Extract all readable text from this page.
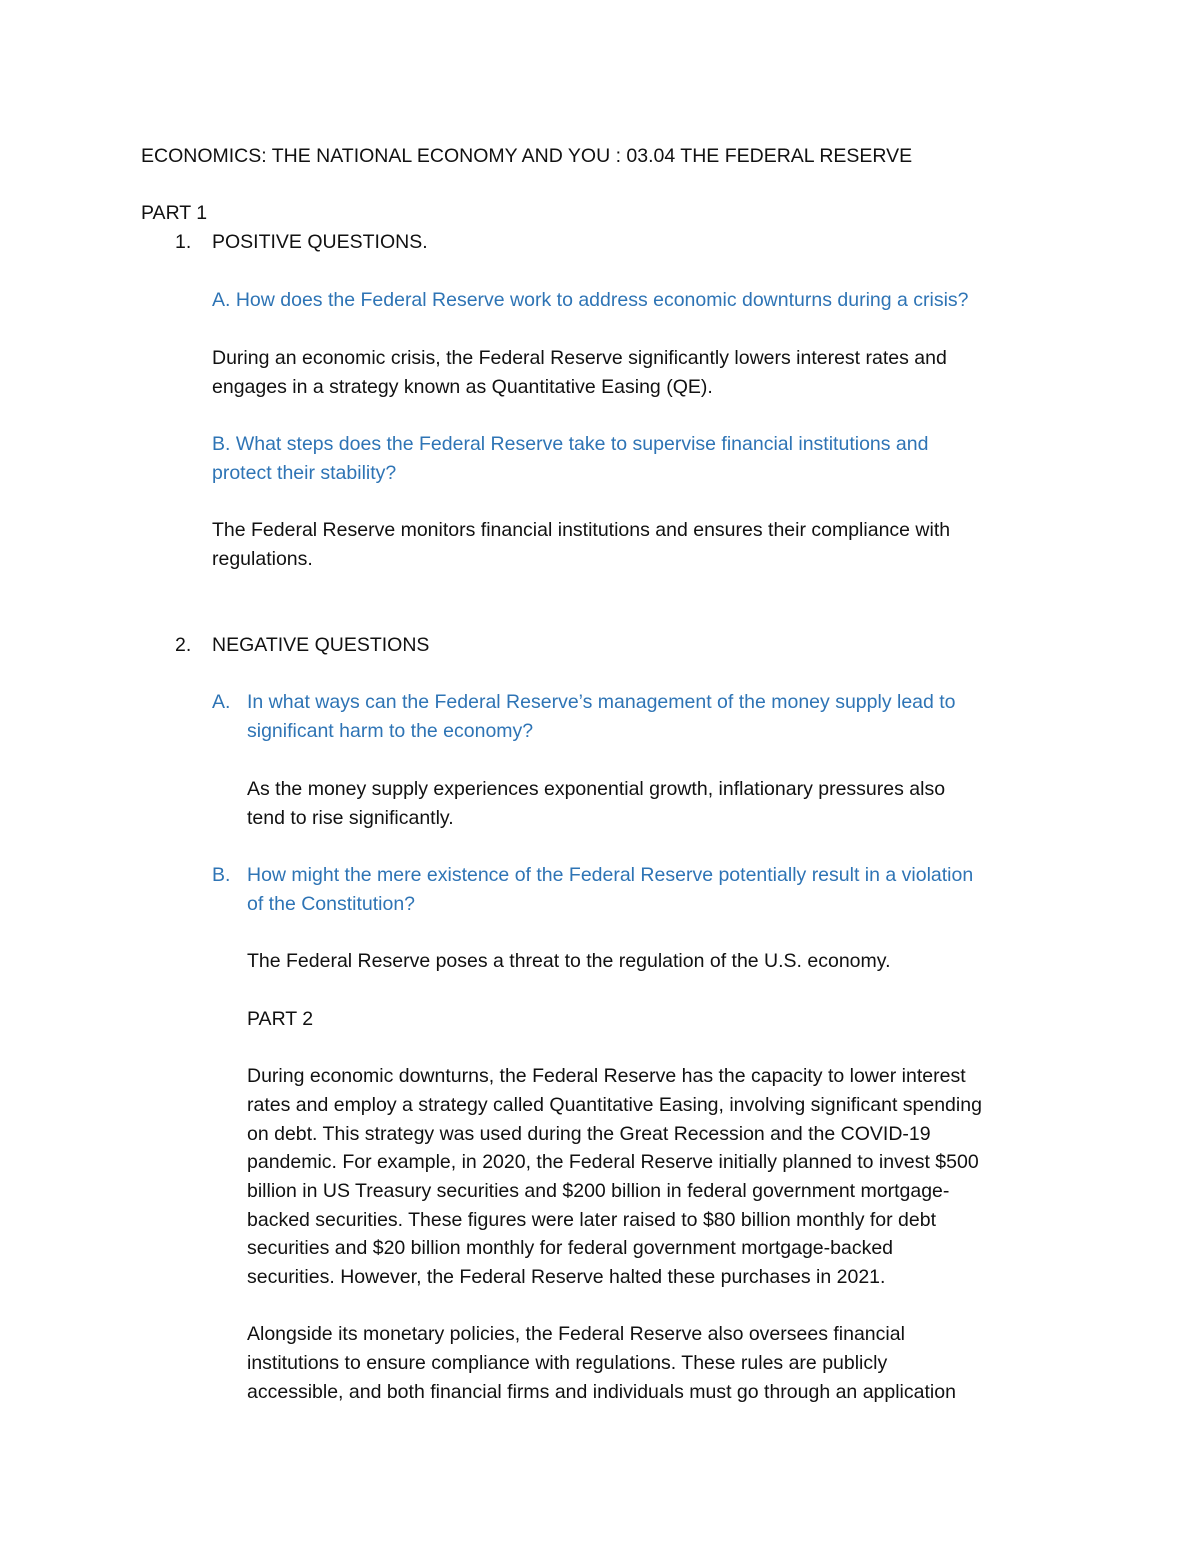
ECONOMICS: THE NATIONAL ECONOMY AND YOU : 03.04 THE FEDERAL RESERVE
PART 1
1. POSITIVE QUESTIONS.
A. How does the Federal Reserve work to address economic downturns during a crisis?
During an economic crisis, the Federal Reserve significantly lowers interest rates and
engages in a strategy known as Quantitative Easing (QE).
B. What steps does the Federal Reserve take to supervise financial institutions and
protect their stability?
The Federal Reserve monitors financial institutions and ensures their compliance with
regulations.
2. NEGATIVE QUESTIONS
A. In what ways can the Federal Reserve’s management of the money supply lead to
significant harm to the economy?
As the money supply experiences exponential growth, inflationary pressures also
tend to rise significantly.
B. How might the mere existence of the Federal Reserve potentially result in a violation
of the Constitution?
The Federal Reserve poses a threat to the regulation of the U.S. economy.
PART 2
During economic downturns, the Federal Reserve has the capacity to lower interest
rates and employ a strategy called Quantitative Easing, involving significant spending
on debt. This strategy was used during the Great Recession and the COVID-19
pandemic. For example, in 2020, the Federal Reserve initially planned to invest $500
billion in US Treasury securities and $200 billion in federal government mortgage-
backed securities. These figures were later raised to $80 billion monthly for debt
securities and $20 billion monthly for federal government mortgage-backed
securities. However, the Federal Reserve halted these purchases in 2021.
Alongside its monetary policies, the Federal Reserve also oversees financial
institutions to ensure compliance with regulations. These rules are publicly
accessible, and both financial firms and individuals must go through an application
